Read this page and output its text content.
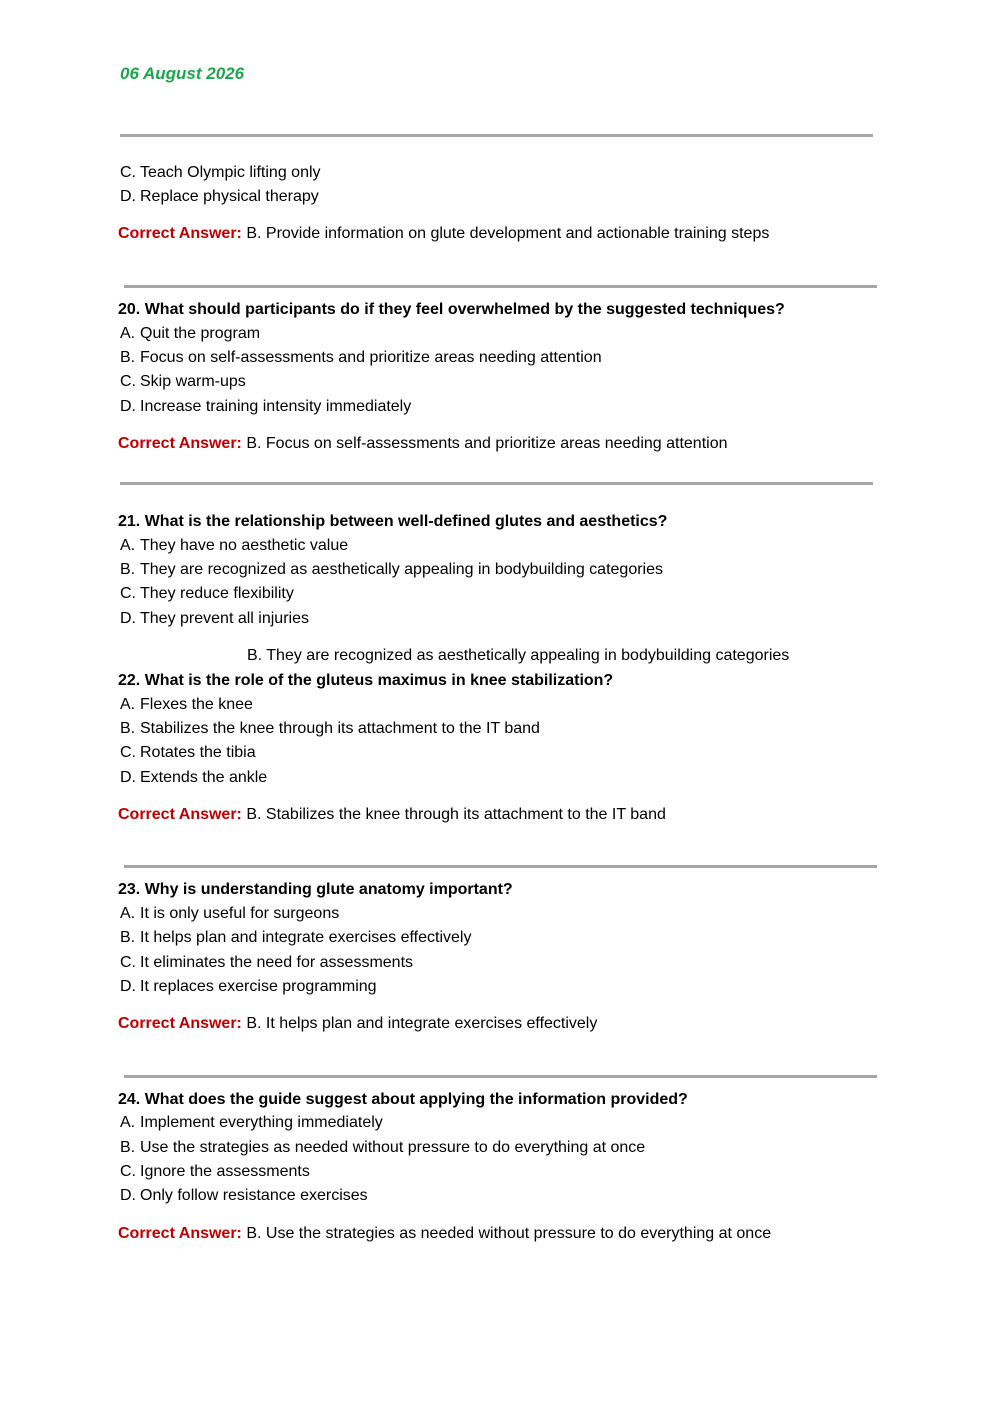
06 August 2026
C. Teach Olympic lifting only
D. Replace physical therapy
Correct Answer: B. Provide information on glute development and actionable training steps
20. What should participants do if they feel overwhelmed by the suggested techniques?
A. Quit the program
B. Focus on self-assessments and prioritize areas needing attention
C. Skip warm-ups
D. Increase training intensity immediately
Correct Answer: B. Focus on self-assessments and prioritize areas needing attention
21. What is the relationship between well-defined glutes and aesthetics?
A. They have no aesthetic value
B. They are recognized as aesthetically appealing in bodybuilding categories
C. They reduce flexibility
D. They prevent all injuries
B. They are recognized as aesthetically appealing in bodybuilding categories
22. What is the role of the gluteus maximus in knee stabilization?
A. Flexes the knee
B. Stabilizes the knee through its attachment to the IT band
C. Rotates the tibia
D. Extends the ankle
Correct Answer: B. Stabilizes the knee through its attachment to the IT band
23. Why is understanding glute anatomy important?
A. It is only useful for surgeons
B. It helps plan and integrate exercises effectively
C. It eliminates the need for assessments
D. It replaces exercise programming
Correct Answer: B. It helps plan and integrate exercises effectively
24. What does the guide suggest about applying the information provided?
A. Implement everything immediately
B. Use the strategies as needed without pressure to do everything at once
C. Ignore the assessments
D. Only follow resistance exercises
Correct Answer: B. Use the strategies as needed without pressure to do everything at once
